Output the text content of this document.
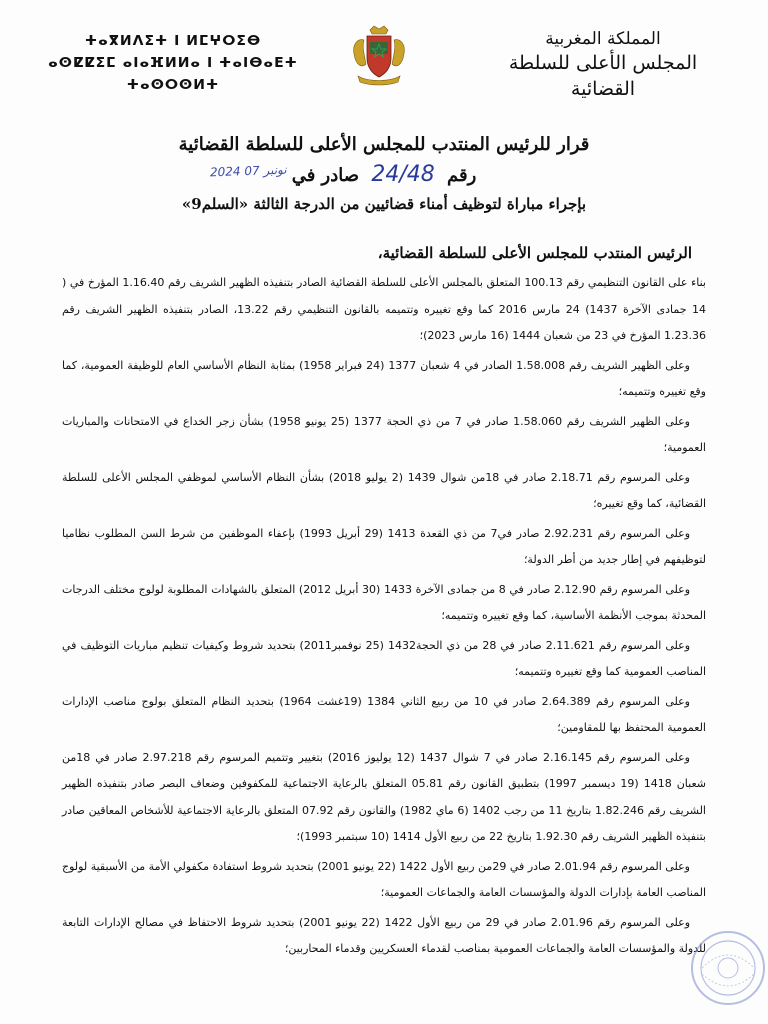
المملكة المغربية
المجلس الأعلى للسلطة القضائية
ⵜⴰⴳⵍⴷⵉⵜ ⵏ ⵍⵎⵖⵔⵉⴱ
ⴰⵙⵇⵇⵉⵎ ⴰⵏⴰⴼⵍⵍⴰ ⵏ ⵜⴰⵏⴱⴰⴹⵜ ⵜⴰⵙⵔⵙⵍⵜ
قرار للرئيس المنتدب للمجلس الأعلى للسلطة القضائية
رقم 24/48 صادر في
2024 نونبر 07
بإجراء مباراة لتوظيف أمناء قضائيين من الدرجة الثالثة «السلم9»
الرئيس المنتدب للمجلس الأعلى للسلطة القضائية،

بناء على القانون التنظيمي رقم 100.13 المتعلق بالمجلس الأعلى للسلطة القضائية الصادر بتنفيذه الظهير الشريف رقم 1.16.40 المؤرخ في ( 14 جمادى الآخرة 1437) 24 مارس 2016 كما وقع تغييره وتتميمه بالقانون التنظيمي رقم 13.22، الصادر بتنفيذه الظهير الشريف رقم 1.23.36 المؤرخ في 23 من شعبان 1444 (16 مارس 2023)؛

وعلى الظهير الشريف رقم 1.58.008 الصادر في 4 شعبان 1377 (24 فبراير 1958) بمثابة النظام الأساسي العام للوظيفة العمومية، كما وقع تغييره وتتميمه؛

وعلى الظهير الشريف رقم 1.58.060 صادر في 7 من ذي الحجة 1377 (25 يونيو 1958) بشأن زجر الخداع في الامتحانات والمباريات العمومية؛

وعلى المرسوم رقم 2.18.71 صادر في 18من شوال 1439 (2 يوليو 2018) بشأن النظام الأساسي لموظفي المجلس الأعلى للسلطة القضائية، كما وقع تغييره؛

وعلى المرسوم رقم 2.92.231 صادر في7 من ذي القعدة 1413 (29 أبريل 1993) بإعفاء الموظفين من شرط السن المطلوب نظاميا لتوظيفهم في إطار جديد من أطر الدولة؛

وعلى المرسوم رقم 2.12.90 صادر في 8 من جمادى الآخرة 1433 (30 أبريل 2012) المتعلق بالشهادات المطلوبة لولوج مختلف الدرجات المحدثة بموجب الأنظمة الأساسية، كما وقع تغييره وتتميمه؛

وعلى المرسوم رقم 2.11.621 صادر في 28 من ذي الحجة1432 (25 نوفمبر2011) بتحديد شروط وكيفيات تنظيم مباريات التوظيف في المناصب العمومية كما وقع تغييره وتتميمه؛

وعلى المرسوم رقم 2.64.389 صادر في 10 من ربيع الثاني 1384 (19غشت 1964) بتحديد النظام المتعلق بولوج مناصب الإدارات العمومية المحتفظ بها للمقاومين؛

وعلى المرسوم رقم 2.16.145 صادر في 7 شوال 1437 (12 يوليوز 2016) بتغيير وتتميم المرسوم رقم 2.97.218 صادر في 18من شعبان 1418 (19 ديسمبر 1997) بتطبيق القانون رقم 05.81 المتعلق بالرعاية الاجتماعية للمكفوفين وضعاف البصر صادر بتنفيذه الظهير الشريف رقم 1.82.246 بتاريخ 11 من رجب 1402 (6 ماي 1982) والقانون رقم 07.92 المتعلق بالرعاية الاجتماعية للأشخاص المعاقين صادر بتنفيذه الظهير الشريف رقم 1.92.30 بتاريخ 22 من ربيع الأول 1414 (10 سبتمبر 1993)؛

وعلى المرسوم رقم 2.01.94 صادر في 29من ربيع الأول 1422 (22 يونيو 2001) بتحديد شروط استفادة مكفولي الأمة من الأسبقية لولوج المناصب العامة بإدارات الدولة والمؤسسات العامة والجماعات العمومية؛

وعلى المرسوم رقم 2.01.96 صادر في 29 من ربيع الأول 1422 (22 يونيو 2001) بتحديد شروط الاحتفاظ في مصالح الإدارات التابعة للدولة والمؤسسات العامة والجماعات العمومية بمناصب لقدماء العسكريين وقدماء المحاربين؛
